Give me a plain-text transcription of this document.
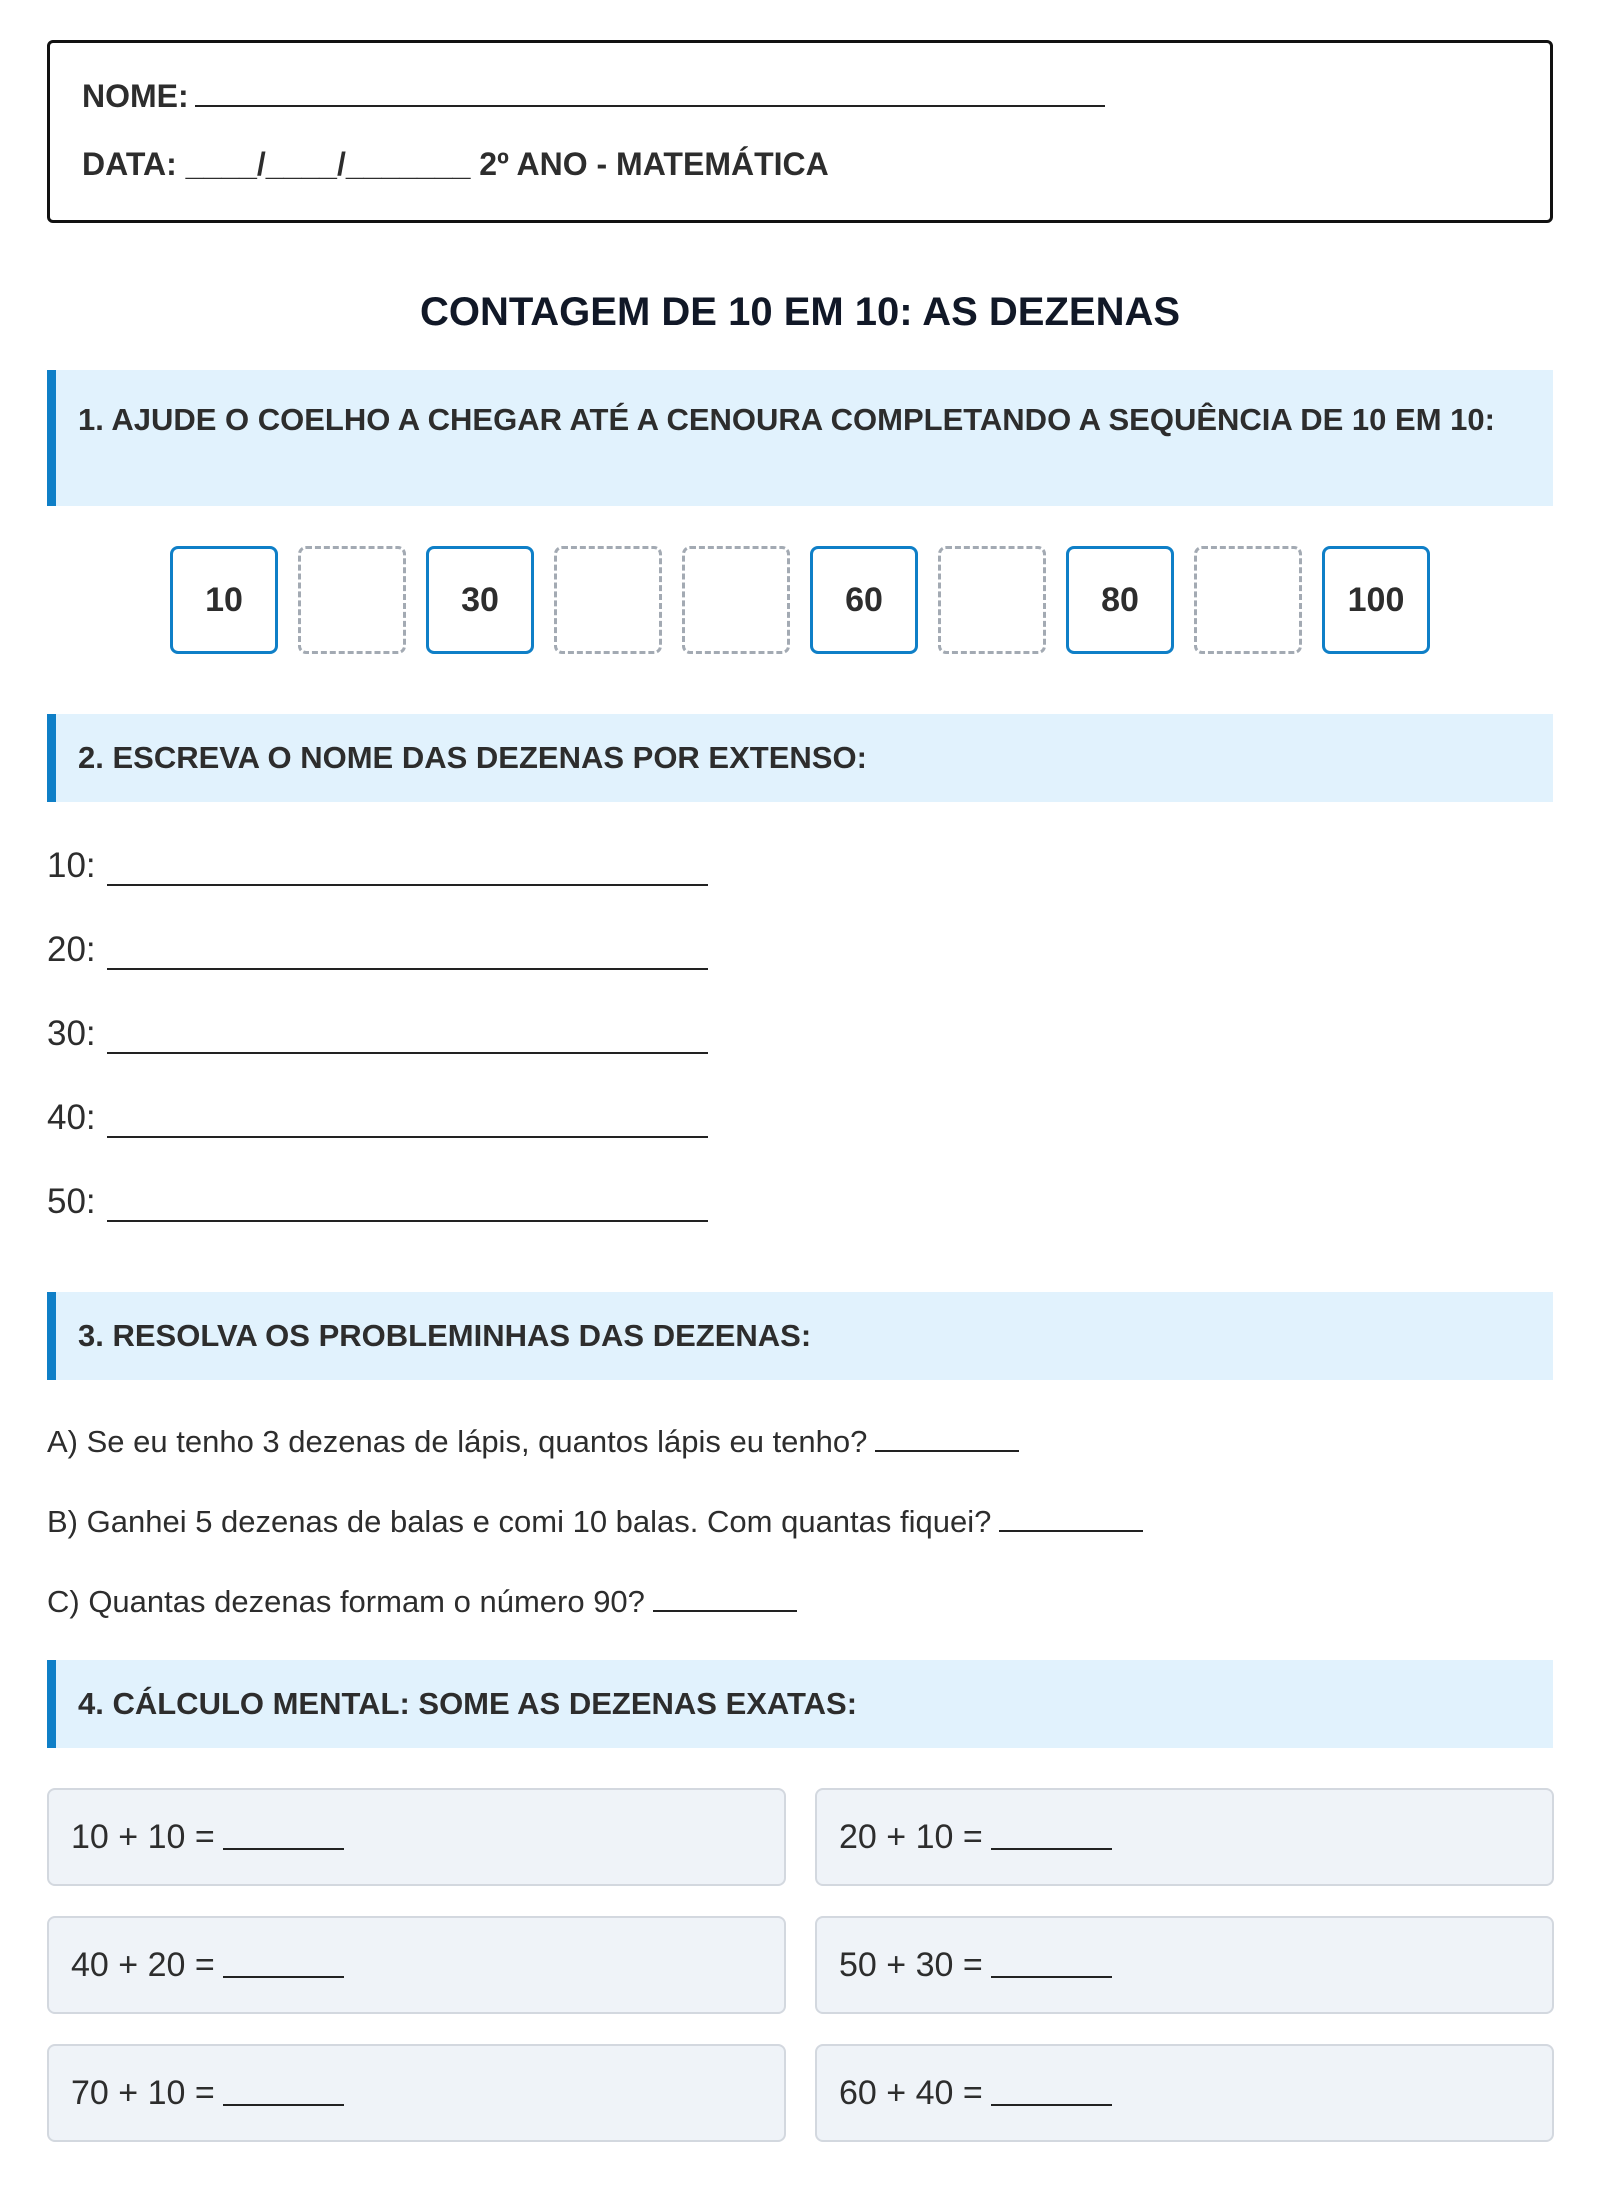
NOME:
DATA: ____/____/_______ 2º ANO - MATEMÁTICA
CONTAGEM DE 10 EM 10: AS DEZENAS
1. AJUDE O COELHO A CHEGAR ATÉ A CENOURA COMPLETANDO A SEQUÊNCIA DE 10 EM 10:
10	30	60	80	100
2. ESCREVA O NOME DAS DEZENAS POR EXTENSO:
10:
20:
30:
40:
50:
3. RESOLVA OS PROBLEMINHAS DAS DEZENAS:
A) Se eu tenho 3 dezenas de lápis, quantos lápis eu tenho?
B) Ganhei 5 dezenas de balas e comi 10 balas. Com quantas fiquei?
C) Quantas dezenas formam o número 90?
4. CÁLCULO MENTAL: SOME AS DEZENAS EXATAS:
10 + 10 =	20 + 10 =
40 + 20 =	50 + 30 =
70 + 10 =	60 + 40 =
